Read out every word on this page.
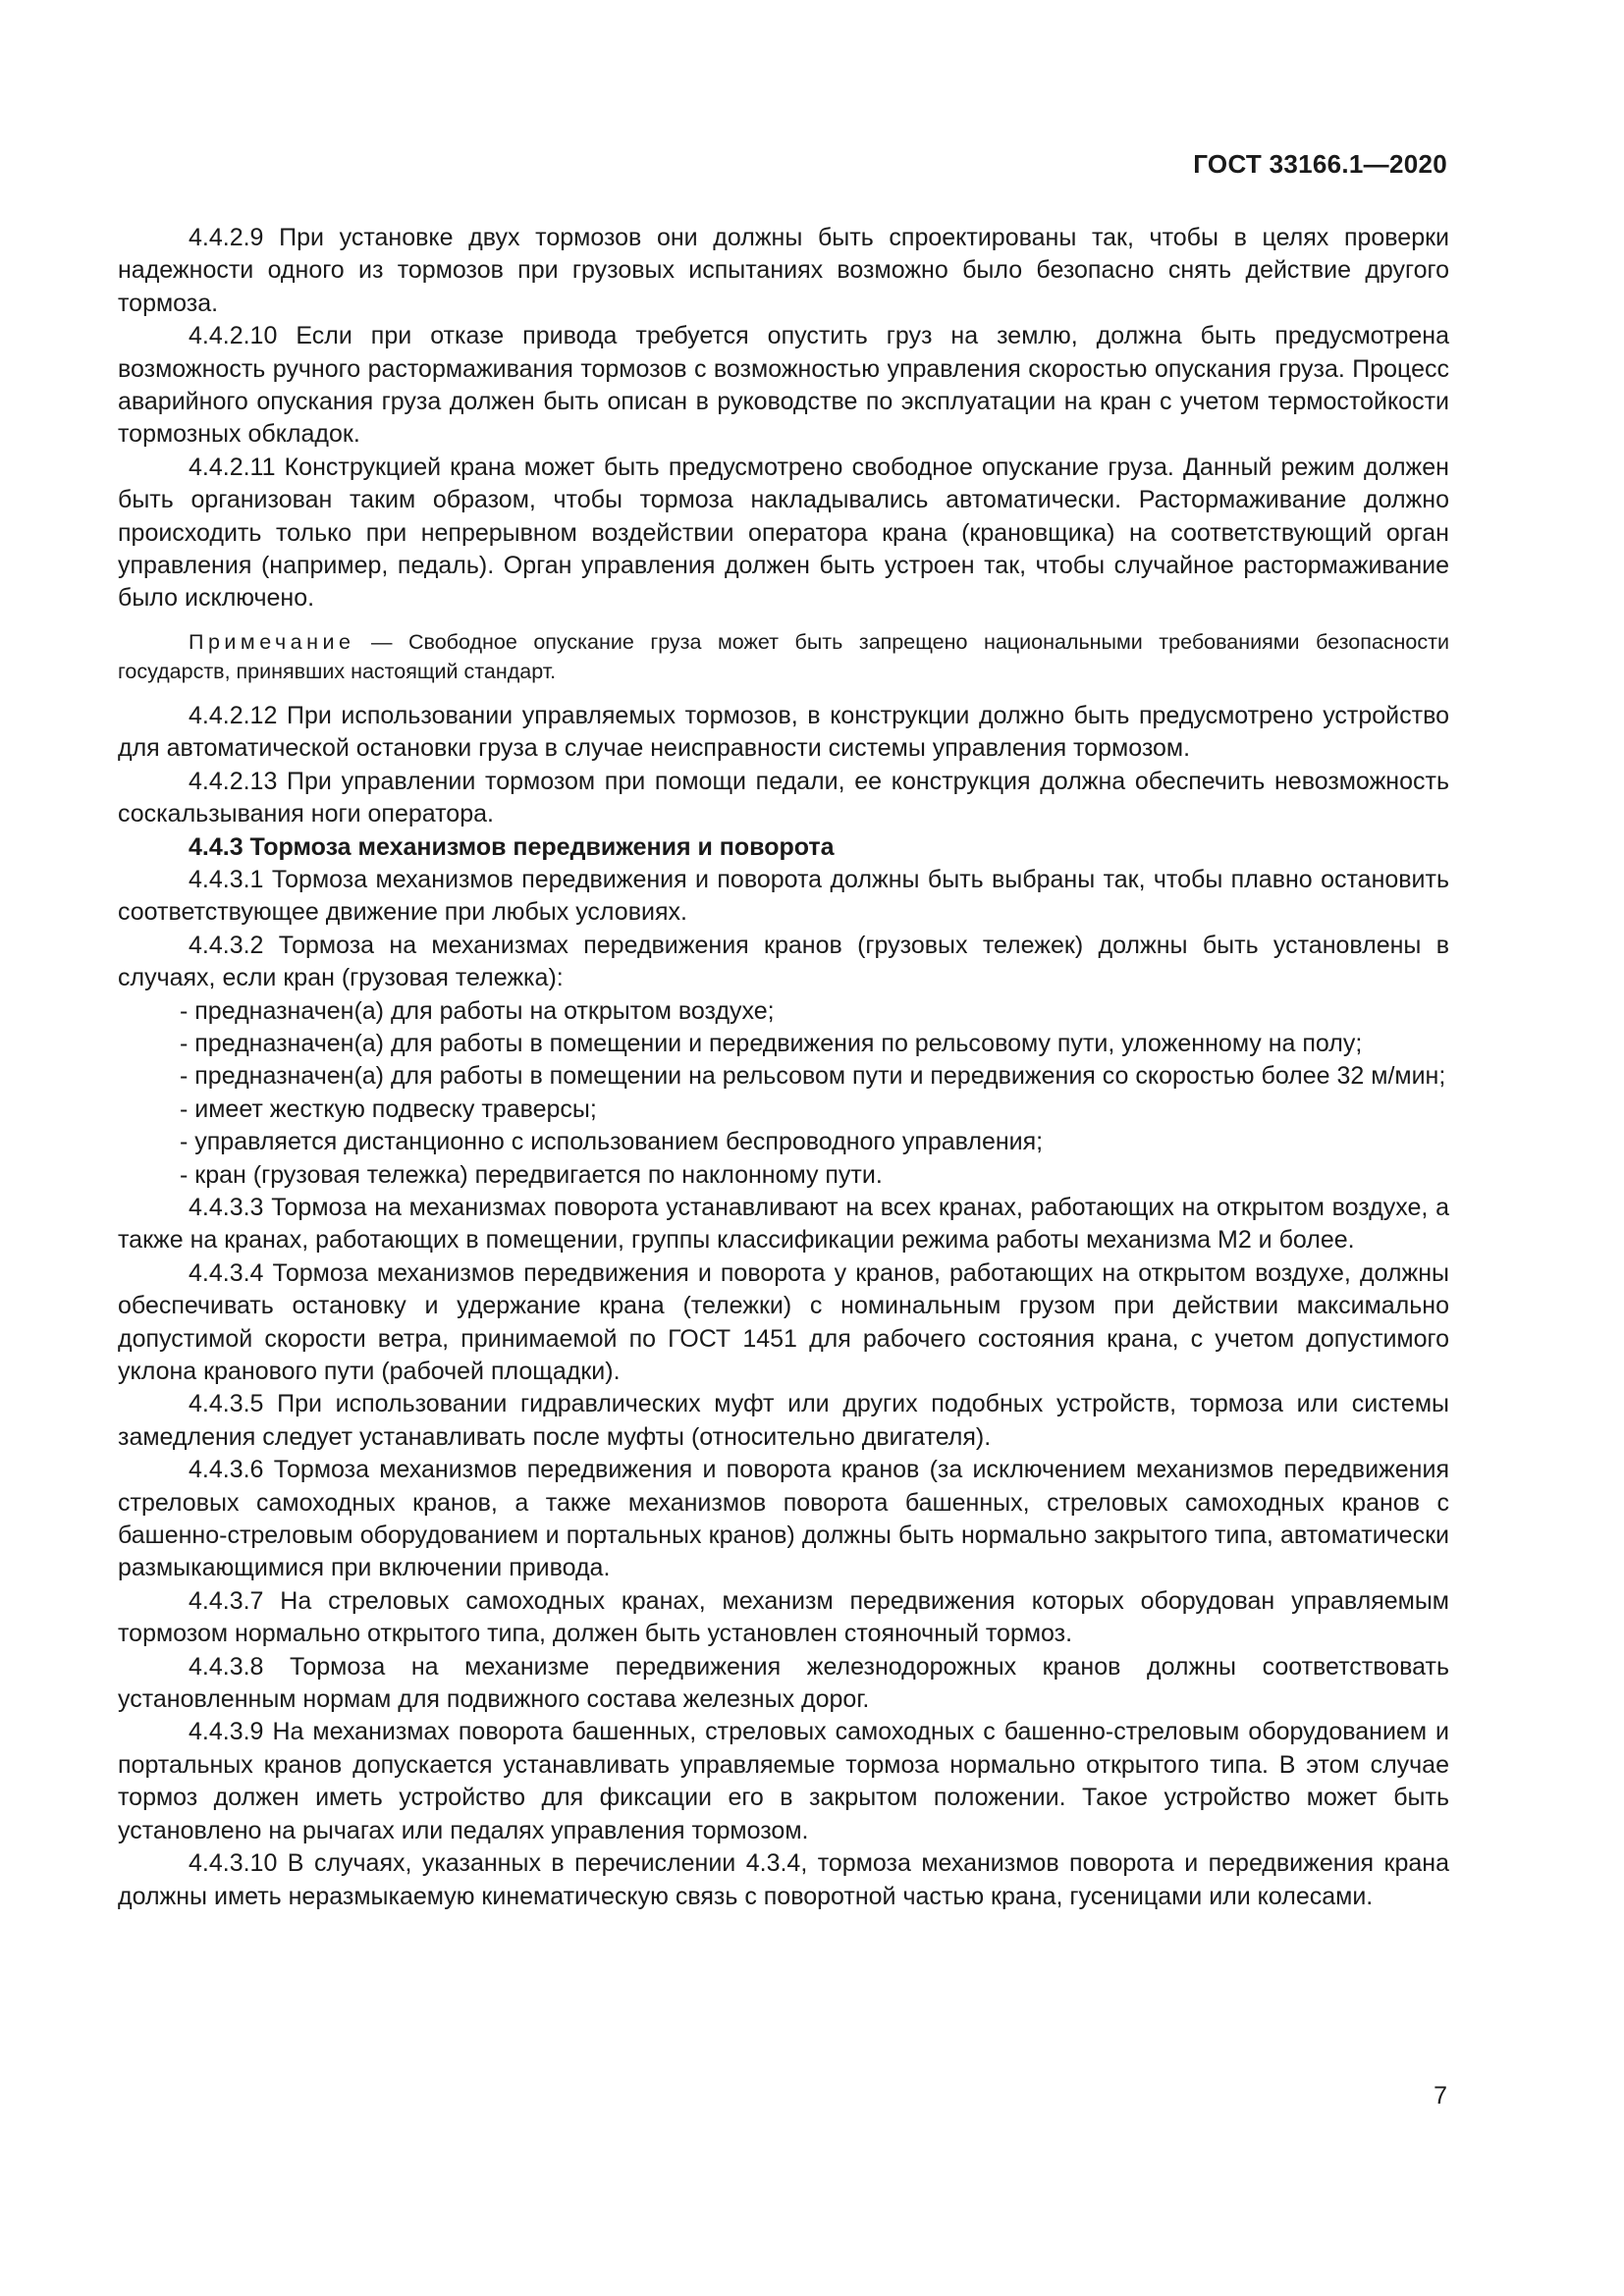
ГОСТ 33166.1—2020
4.4.2.9 При установке двух тормозов они должны быть спроектированы так, чтобы в целях проверки надежности одного из тормозов при грузовых испытаниях возможно было безопасно снять действие другого тормоза.
4.4.2.10 Если при отказе привода требуется опустить груз на землю, должна быть предусмотрена возможность ручного растормаживания тормозов с возможностью управления скоростью опускания груза. Процесс аварийного опускания груза должен быть описан в руководстве по эксплуатации на кран с учетом термостойкости тормозных обкладок.
4.4.2.11 Конструкцией крана может быть предусмотрено свободное опускание груза. Данный режим должен быть организован таким образом, чтобы тормоза накладывались автоматически. Растормаживание должно происходить только при непрерывном воздействии оператора крана (крановщика) на соответствующий орган управления (например, педаль). Орган управления должен быть устроен так, чтобы случайное растормаживание было исключено.
Примечание — Свободное опускание груза может быть запрещено национальными требованиями безопасности государств, принявших настоящий стандарт.
4.4.2.12 При использовании управляемых тормозов, в конструкции должно быть предусмотрено устройство для автоматической остановки груза в случае неисправности системы управления тормозом.
4.4.2.13 При управлении тормозом при помощи педали, ее конструкция должна обеспечить невозможность соскальзывания ноги оператора.
4.4.3 Тормоза механизмов передвижения и поворота
4.4.3.1 Тормоза механизмов передвижения и поворота должны быть выбраны так, чтобы плавно остановить соответствующее движение при любых условиях.
4.4.3.2 Тормоза на механизмах передвижения кранов (грузовых тележек) должны быть установлены в случаях, если кран (грузовая тележка):
- предназначен(а) для работы на открытом воздухе;
- предназначен(а) для работы в помещении и передвижения по рельсовому пути, уложенному на полу;
- предназначен(а) для работы в помещении на рельсовом пути и передвижения со скоростью более 32 м/мин;
- имеет жесткую подвеску траверсы;
- управляется дистанционно с использованием беспроводного управления;
- кран (грузовая тележка) передвигается по наклонному пути.
4.4.3.3 Тормоза на механизмах поворота устанавливают на всех кранах, работающих на открытом воздухе, а также на кранах, работающих в помещении, группы классификации режима работы механизма М2 и более.
4.4.3.4 Тормоза механизмов передвижения и поворота у кранов, работающих на открытом воздухе, должны обеспечивать остановку и удержание крана (тележки) с номинальным грузом при действии максимально допустимой скорости ветра, принимаемой по ГОСТ 1451 для рабочего состояния крана, с учетом допустимого уклона кранового пути (рабочей площадки).
4.4.3.5 При использовании гидравлических муфт или других подобных устройств, тормоза или системы замедления следует устанавливать после муфты (относительно двигателя).
4.4.3.6 Тормоза механизмов передвижения и поворота кранов (за исключением механизмов передвижения стреловых самоходных кранов, а также механизмов поворота башенных, стреловых самоходных кранов с башенно-стреловым оборудованием и портальных кранов) должны быть нормально закрытого типа, автоматически размыкающимися при включении привода.
4.4.3.7 На стреловых самоходных кранах, механизм передвижения которых оборудован управляемым тормозом нормально открытого типа, должен быть установлен стояночный тормоз.
4.4.3.8 Тормоза на механизме передвижения железнодорожных кранов должны соответствовать установленным нормам для подвижного состава железных дорог.
4.4.3.9 На механизмах поворота башенных, стреловых самоходных с башенно-стреловым оборудованием и портальных кранов допускается устанавливать управляемые тормоза нормально открытого типа. В этом случае тормоз должен иметь устройство для фиксации его в закрытом положении. Такое устройство может быть установлено на рычагах или педалях управления тормозом.
4.4.3.10 В случаях, указанных в перечислении 4.3.4, тормоза механизмов поворота и передвижения крана должны иметь неразмыкаемую кинематическую связь с поворотной частью крана, гусеницами или колесами.
7
